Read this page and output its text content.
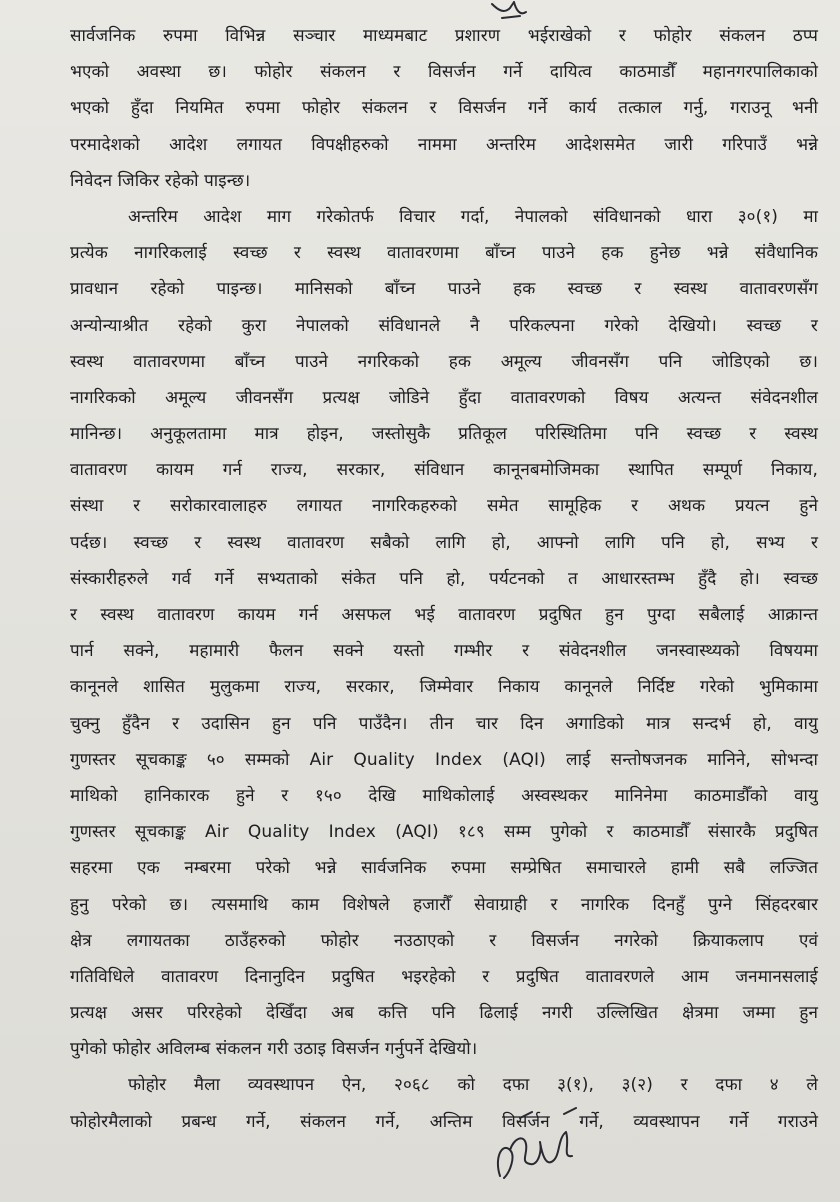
सार्वजनिक रुपमा विभिन्न सञ्चार माध्यमबाट प्रशारण भईराखेको र फोहोर संकलन ठप्प
भएको अवस्था छ। फोहोर संकलन र विसर्जन गर्ने दायित्व काठमाडौँ महानगरपालिकाको
भएको हुँदा नियमित रुपमा फोहोर संकलन र विसर्जन गर्ने कार्य तत्काल गर्नु, गराउनू भनी
परमादेशको आदेश लगायत विपक्षीहरुको नाममा अन्तरिम आदेशसमेत जारी गरिपाउँ भन्ने
निवेदन जिकिर रहेको पाइन्छ।
अन्तरिम आदेश माग गरेकोतर्फ विचार गर्दा, नेपालको संविधानको धारा ३०(१) मा
प्रत्येक नागरिकलाई स्वच्छ र स्वस्थ वातावरणमा बाँच्न पाउने हक हुनेछ भन्ने संवैधानिक
प्रावधान रहेको पाइन्छ। मानिसको बाँच्न पाउने हक स्वच्छ र स्वस्थ वातावरणसँग
अन्योन्याश्रीत रहेको कुरा नेपालको संविधानले नै परिकल्पना गरेको देखियो। स्वच्छ र
स्वस्थ वातावरणमा बाँच्न पाउने नगरिकको हक अमूल्य जीवनसँग पनि जोडिएको छ।
नागरिकको अमूल्य जीवनसँग प्रत्यक्ष जोडिने हुँदा वातावरणको विषय अत्यन्त संवेदनशील
मानिन्छ। अनुकूलतामा मात्र होइन, जस्तोसुकै प्रतिकूल परिस्थितिमा पनि स्वच्छ र स्वस्थ
वातावरण कायम गर्न राज्य, सरकार, संविधान कानूनबमोजिमका स्थापित सम्पूर्ण निकाय,
संस्था र सरोकारवालाहरु लगायत नागरिकहरुको समेत सामूहिक र अथक प्रयत्न हुने
पर्दछ। स्वच्छ र स्वस्थ वातावरण सबैको लागि हो, आफ्नो लागि पनि हो, सभ्य र
संस्कारीहरुले गर्व गर्ने सभ्यताको संकेत पनि हो, पर्यटनको त आधारस्तम्भ हुँदै हो। स्वच्छ
र स्वस्थ वातावरण कायम गर्न असफल भई वातावरण प्रदुषित हुन पुग्दा सबैलाई आक्रान्त
पार्न सक्ने, महामारी फैलन सक्ने यस्तो गम्भीर र संवेदनशील जनस्वास्थ्यको विषयमा
कानूनले शासित मुलुकमा राज्य, सरकार, जिम्मेवार निकाय कानूनले निर्दिष्ट गरेको भुमिकामा
चुक्नु हुँदैन र उदासिन हुन पनि पाउँदैन। तीन चार दिन अगाडिको मात्र सन्दर्भ हो, वायु
गुणस्तर सूचकाङ्क ५० सम्मको Air Quality Index (AQI) लाई सन्तोषजनक मानिने, सोभन्दा
माथिको हानिकारक हुने र १५० देखि माथिकोलाई अस्वस्थकर मानिनेमा काठमाडौँको वायु
गुणस्तर सूचकाङ्क Air Quality Index (AQI) १८९ सम्म पुगेको र काठमाडौँ संसारकै प्रदुषित
सहरमा एक नम्बरमा परेको भन्ने सार्वजनिक रुपमा सम्प्रेषित समाचारले हामी सबै लज्जित
हुनु परेको छ। त्यसमाथि काम विशेषले हजारौँ सेवाग्राही र नागरिक दिनहुँ पुग्ने सिंहदरबार
क्षेत्र लगायतका ठाउँहरुको फोहोर नउठाएको र विसर्जन नगरेको क्रियाकलाप एवं
गतिविधिले वातावरण दिनानुदिन प्रदुषित भइरहेको र प्रदुषित वातावरणले आम जनमानसलाई
प्रत्यक्ष असर परिरहेको देखिँदा अब कत्ति पनि ढिलाई नगरी उल्लिखित क्षेत्रमा जम्मा हुन
पुगेको फोहोर अविलम्ब संकलन गरी उठाइ विसर्जन गर्नुपर्ने देखियो।
फोहोर मैला व्यवस्थापन ऐन, २०६८ को दफा ३(१), ३(२) र दफा ४ ले
फोहोरमैलाको प्रबन्ध गर्ने, संकलन गर्ने, अन्तिम विसर्जन गर्ने, व्यवस्थापन गर्ने गराउने
